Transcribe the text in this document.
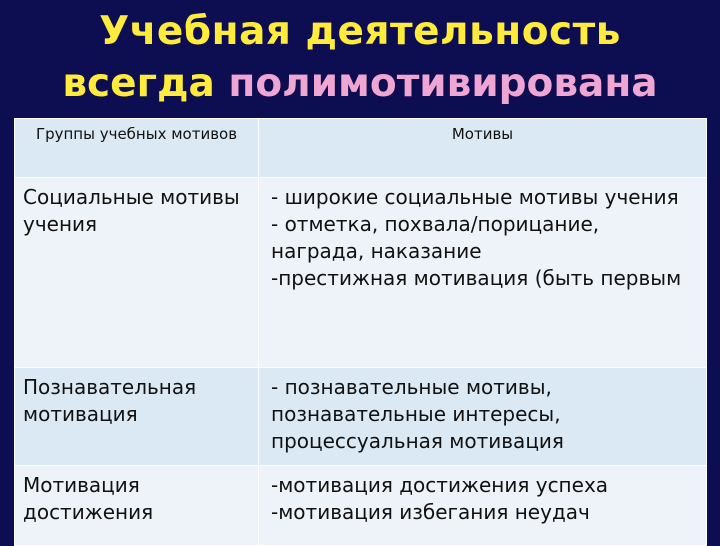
Учебная деятельность
всегда полимотивирована
Группы учебных мотивов	Мотивы
Социальные мотивы учения	- широкие социальные мотивы учения
- отметка, похвала/порицание, награда, наказание
-престижная мотивация (быть первым
Познавательная мотивация	- познавательные мотивы, познавательные интересы, процессуальная мотивация
Мотивация достижения	-мотивация достижения успеха
-мотивация избегания неудач
